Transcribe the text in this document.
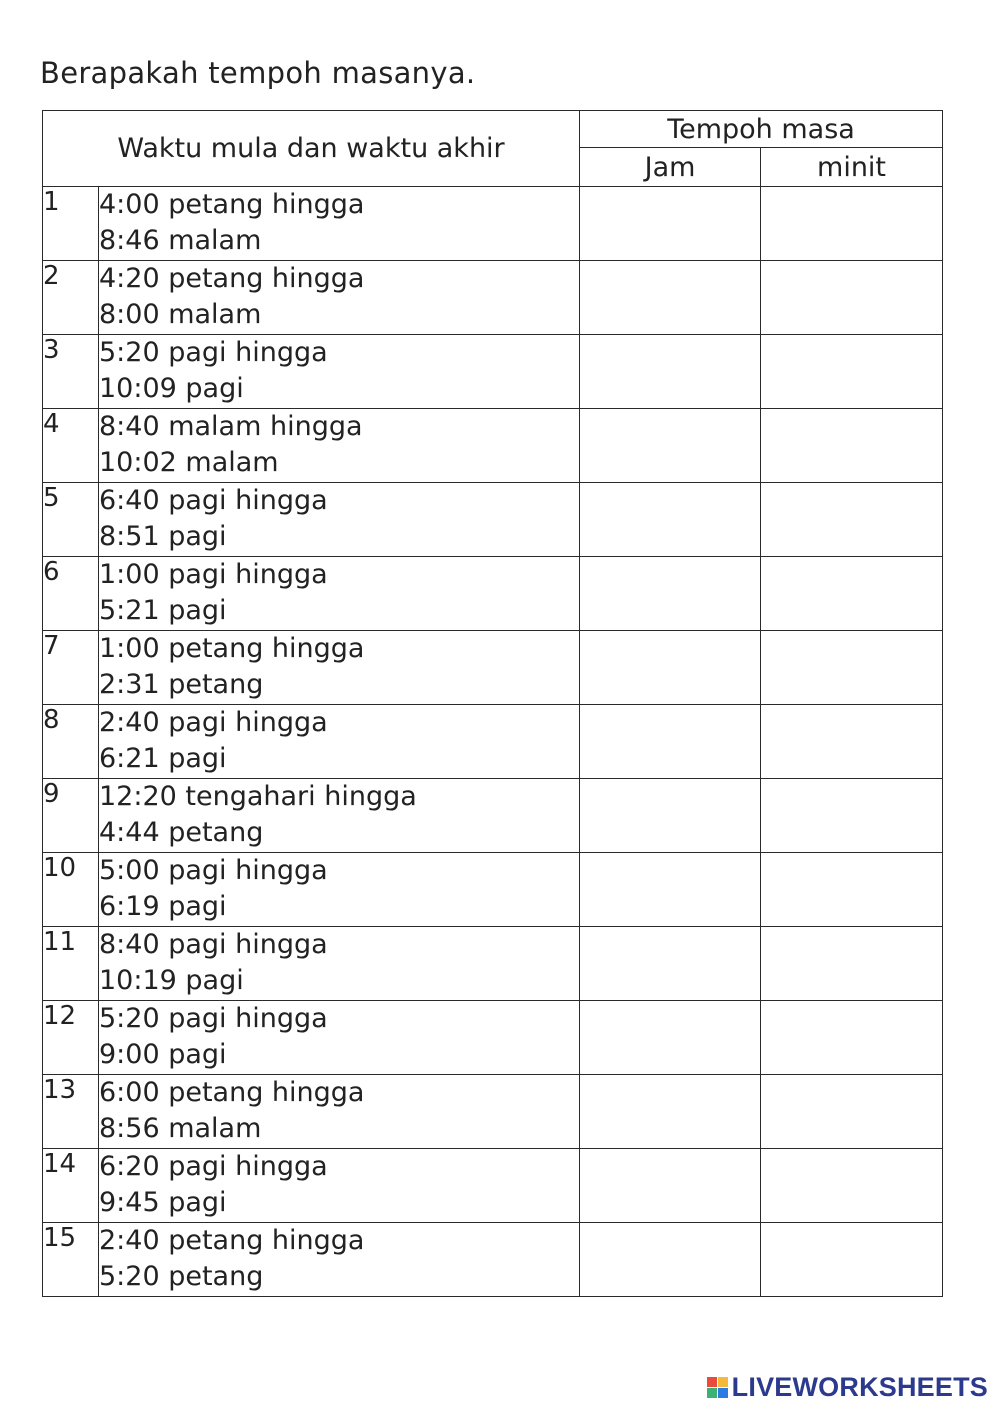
Berapakah tempoh masanya.
Waktu mula dan waktu akhir		Tempoh masa	
		Jam	minit
1	4:00 petang hingga
8:46 malam		

2	4:20 petang hingga
8:00 malam		

3	5:20 pagi hingga
10:09 pagi		

4	8:40 malam hingga
10:02 malam		

5	6:40 pagi hingga
8:51 pagi		

6	1:00 pagi hingga
5:21 pagi		

7	1:00 petang hingga
2:31 petang		

8	2:40 pagi hingga
6:21 pagi		

9	12:20 tengahari hingga
4:44 petang		

10	5:00 pagi hingga
6:19 pagi		

11	8:40 pagi hingga
10:19 pagi		

12	5:20 pagi hingga
9:00 pagi		

13	6:00 petang hingga
8:56 malam		

14	6:20 pagi hingga
9:45 pagi		

15	2:40 petang hingga
5:20 petang		

LIVEWORKSHEETS
